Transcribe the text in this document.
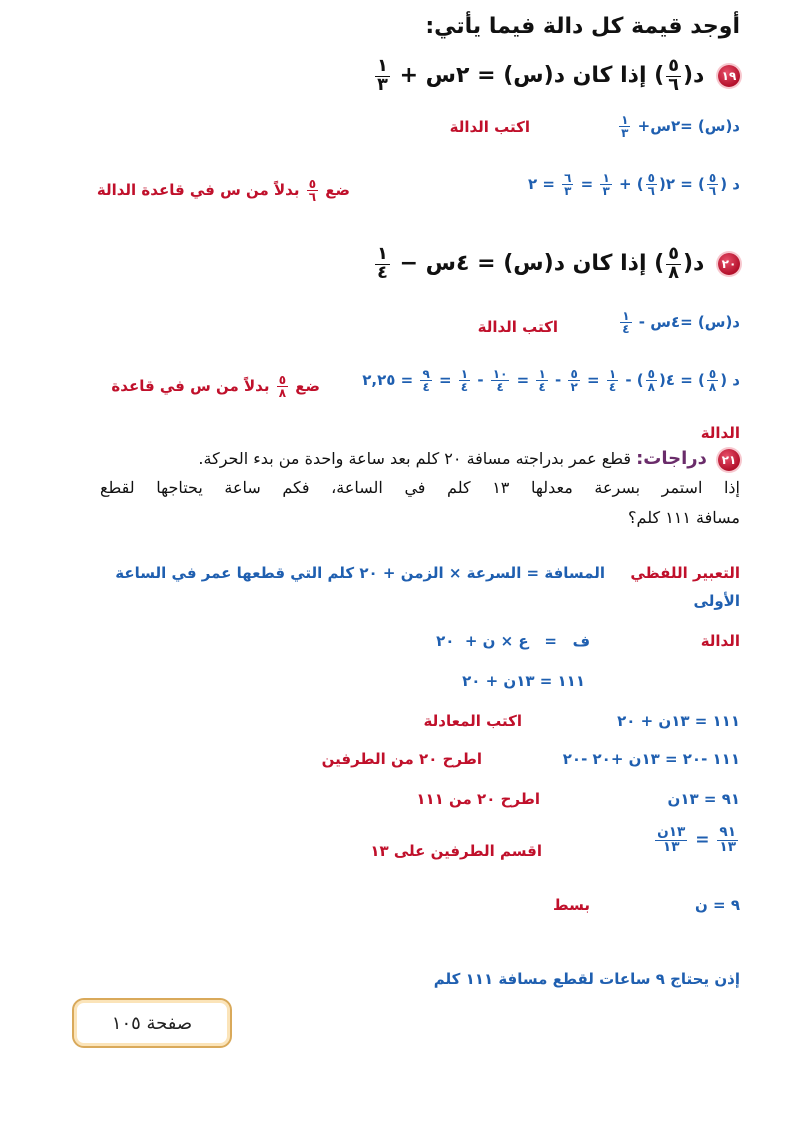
أوجد قيمة كل دالة فيما يأتي:
١٩ د(
$\frac{٥}{٦}$
) إذا كان د(س) = ٢س +
$\frac{١}{٣}$
د(س) =٢س+
$\frac{١}{٣}$
اكتب الدالة
د (
$\frac{٥}{٦}$
) = ٢(
$\frac{٥}{٦}$
) +
$\frac{١}{٣}$
=
$\frac{٦}{٣}$
= ٢
ضع
$\frac{٥}{٦}$
بدلاً من س في قاعدة الدالة
٢٠ د(
$\frac{٥}{٨}$
) إذا كان د(س) = ٤س −
$\frac{١}{٤}$
د(س) =٤س -
$\frac{١}{٤}$
اكتب الدالة
د (
$\frac{٥}{٨}$
) = ٤(
$\frac{٥}{٨}$
) -
$\frac{١}{٤}$
=
$\frac{٥}{٢}$
-
$\frac{١}{٤}$
=
$\frac{١٠}{٤}$
-
$\frac{١}{٤}$
=
$\frac{٩}{٤}$
= ٢,٢٥
ضع
$\frac{٥}{٨}$
بدلاً من س في قاعدة
الدالة
٢١ دراجات: قطع عمر بدراجته مسافة ٢٠ كلم بعد ساعة واحدة من بدء الحركة.
إذا استمر بسرعة معدلها ١٣ كلم في الساعة، فكم ساعة يحتاجها لقطع
مسافة ١١١ كلم؟
التعبير اللفظي
المسافة = السرعة × الزمن + ٢٠ كلم التي قطعها عمر في الساعة
الأولى
الدالة
ف   =   ع × ن +  ٢٠
١١١ = ١٣ن + ٢٠
١١١ = ١٣ن + ٢٠
اكتب المعادلة
١١١ -٢٠ = ١٣ن +٢٠ -٢٠
اطرح ٢٠ من الطرفين
٩١ = ١٣ن
اطرح ٢٠ من ١١١
$\frac{٩١}{١٣}$
=
$\frac{\text{١٣ن}}{١٣}$
اقسم الطرفين على ١٣
٩ = ن
بسط
إذن يحتاج ٩ ساعات لقطع مسافة ١١١ كلم
صفحة ١٠٥
